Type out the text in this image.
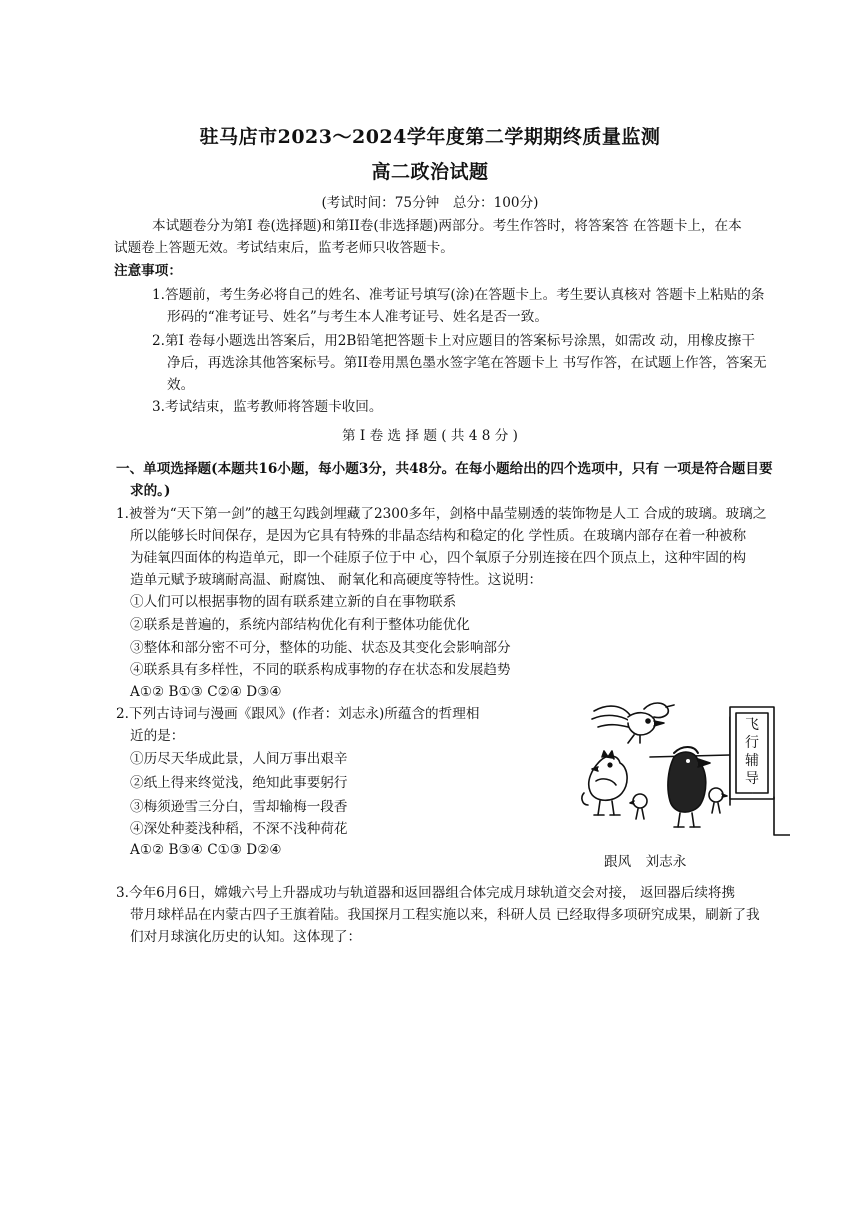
驻马店市2023～2024学年度第二学期期终质量监测
高二政治试题
(考试时间：75分钟　总分：100分)
本试题卷分为第I 卷(选择题)和第II卷(非选择题)两部分。考生作答时，将答案答 在答题卡上，在本
试题卷上答题无效。考试结束后，监考老师只收答题卡。
注意事项：
1.答题前，考生务必将自己的姓名、准考证号填写(涂)在答题卡上。考生要认真核对 答题卡上粘贴的条
形码的“准考证号、姓名”与考生本人准考证号、姓名是否一致。
2.第I 卷每小题选出答案后，用2B铅笔把答题卡上对应题目的答案标号涂黑，如需改 动，用橡皮擦干
净后，再选涂其他答案标号。第II卷用黑色墨水签字笔在答题卡上 书写作答，在试题上作答，答案无
效。
3.考试结束，监考教师将答题卡收回。
第 I 卷 选 择 题 ( 共 4 8 分 )
一、单项选择题(本题共16小题，每小题3分，共48分。在每小题给出的四个选项中，只有 一项是符合题目要
求的。)
1.被誉为“天下第一剑”的越王勾践剑埋藏了2300多年，剑格中晶莹剔透的装饰物是人工 合成的玻璃。玻璃之
所以能够长时间保存，是因为它具有特殊的非晶态结构和稳定的化 学性质。在玻璃内部存在着一种被称
为硅氧四面体的构造单元，即一个硅原子位于中 心，四个氧原子分别连接在四个顶点上，这种牢固的构
造单元赋予玻璃耐高温、耐腐蚀、 耐氧化和高硬度等特性。这说明：
①人们可以根据事物的固有联系建立新的自在事物联系
②联系是普遍的，系统内部结构优化有利于整体功能优化
③整体和部分密不可分，整体的功能、状态及其变化会影响部分
④联系具有多样性，不同的联系构成事物的存在状态和发展趋势
A①② B①③ C②④ D③④
2.下列古诗词与漫画《跟风》(作者：刘志永)所蕴含的哲理相
近的是：
①历尽天华成此景，人间万事出艰辛
②纸上得来终觉浅，绝知此事要躬行
③梅须逊雪三分白，雪却输梅一段香
④深处种菱浅种稻，不深不浅种荷花
A①② B③④ C①③ D②④
飞
行
辅
导
跟风 刘志永
3.今年6月6日，嫦娥六号上升器成功与轨道器和返回器组合体完成月球轨道交会对接， 返回器后续将携
带月球样品在内蒙古四子王旗着陆。我国探月工程实施以来，科研人员 已经取得多项研究成果，刷新了我
们对月球演化历史的认知。这体现了：
